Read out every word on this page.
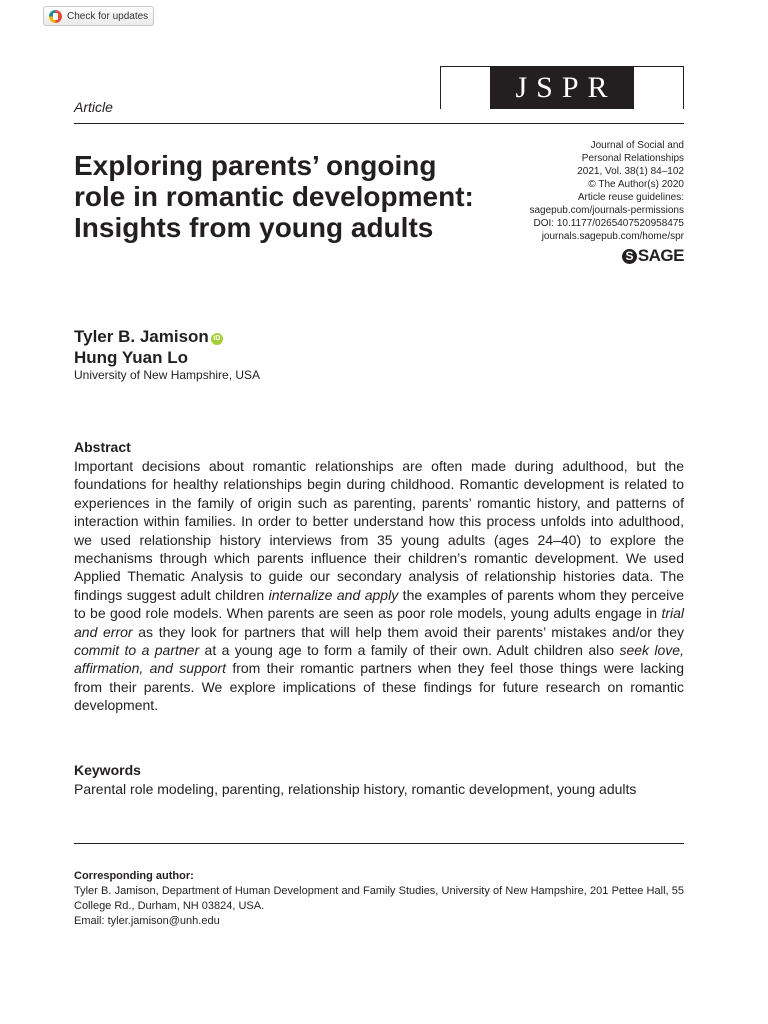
Check for updates
JSPR
Article
Exploring parents’ ongoing role in romantic development: Insights from young adults
Journal of Social and
Personal Relationships
2021, Vol. 38(1) 84–102
© The Author(s) 2020
Article reuse guidelines:
sagepub.com/journals-permissions
DOI: 10.1177/0265407520958475
journals.sagepub.com/home/spr
S SAGE
Tyler B. Jamison iD
Hung Yuan Lo
University of New Hampshire, USA
Abstract
Important decisions about romantic relationships are often made during adulthood, but the foundations for healthy relationships begin during childhood. Romantic development is related to experiences in the family of origin such as parenting, parents’ romantic history, and patterns of interaction within families. In order to better understand how this process unfolds into adulthood, we used relationship history interviews from 35 young adults (ages 24–40) to explore the mechanisms through which parents influence their children’s romantic development. We used Applied Thematic Analysis to guide our secondary analysis of relationship histories data. The findings suggest adult children internalize and apply the examples of parents whom they perceive to be good role models. When parents are seen as poor role models, young adults engage in trial and error as they look for partners that will help them avoid their parents’ mistakes and/or they commit to a partner at a young age to form a family of their own. Adult children also seek love, affirmation, and support from their romantic partners when they feel those things were lacking from their parents. We explore implications of these findings for future research on romantic development.
Keywords
Parental role modeling, parenting, relationship history, romantic development, young adults
Corresponding author:
Tyler B. Jamison, Department of Human Development and Family Studies, University of New Hampshire, 201 Pettee Hall, 55 College Rd., Durham, NH 03824, USA.
Email: tyler.jamison@unh.edu
